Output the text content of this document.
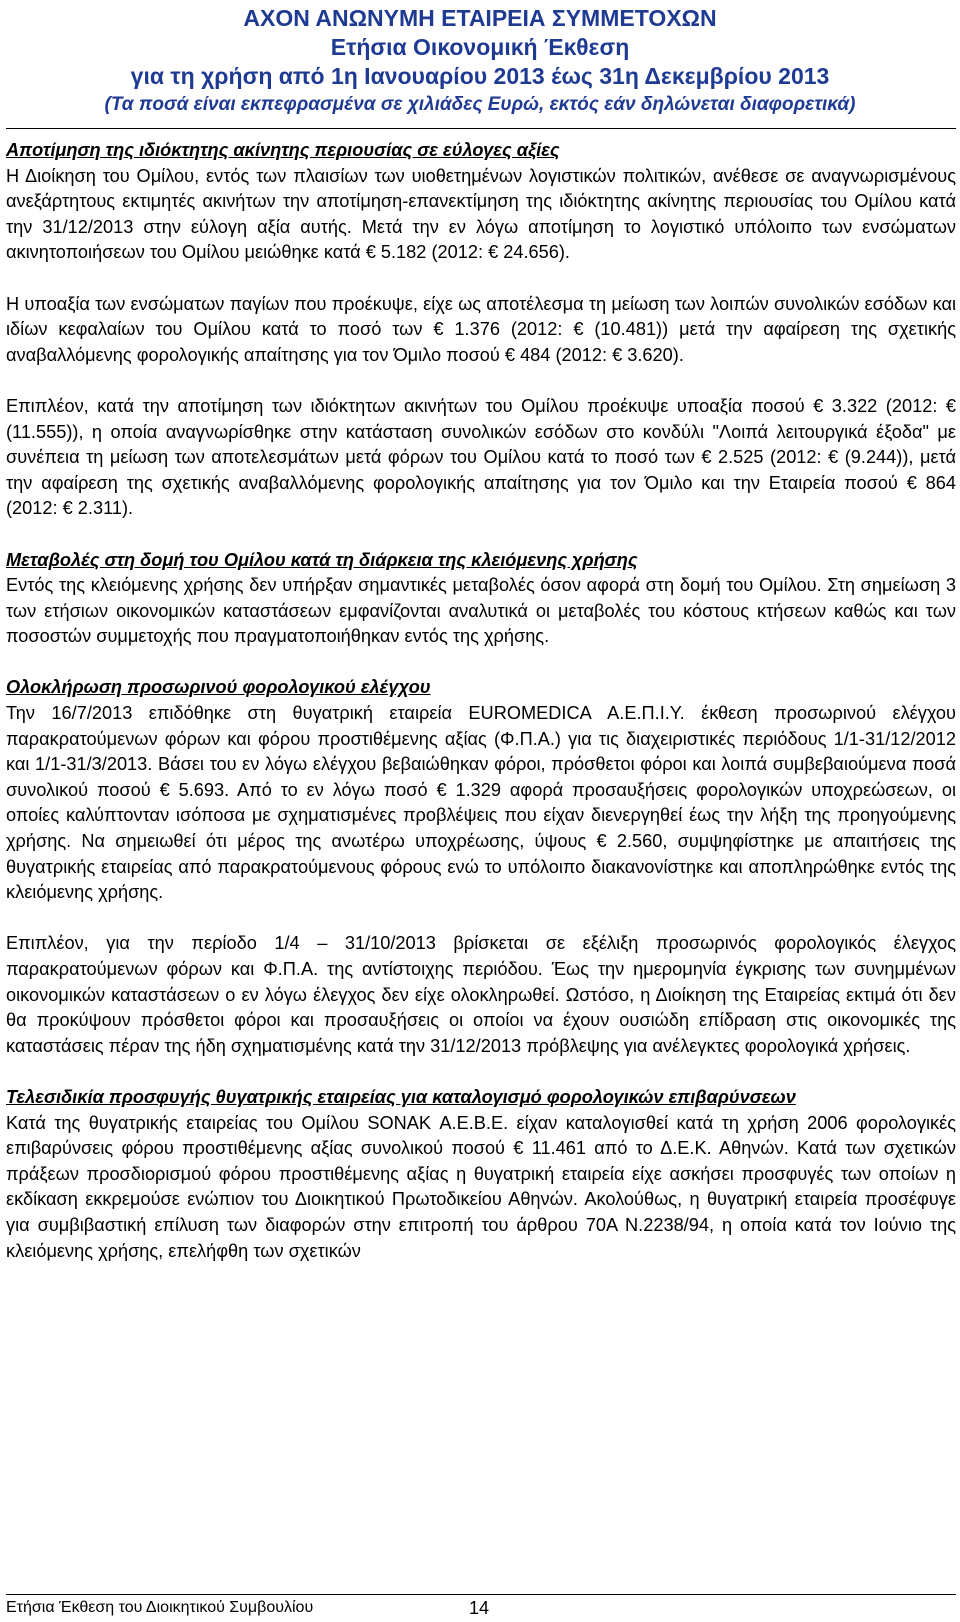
ΑΧΟΝ ΑΝΩΝΥΜΗ ΕΤΑΙΡΕΙΑ ΣΥΜΜΕΤΟΧΩΝ
Ετήσια Οικονομική Έκθεση
για τη χρήση από 1η Ιανουαρίου 2013 έως 31η Δεκεμβρίου 2013
(Τα ποσά είναι εκπεφρασμένα σε χιλιάδες Ευρώ, εκτός εάν δηλώνεται διαφορετικά)
Αποτίμηση της ιδιόκτητης ακίνητης περιουσίας σε εύλογες αξίες

Η Διοίκηση του Ομίλου, εντός των πλαισίων των υιοθετημένων λογιστικών πολιτικών, ανέθεσε σε αναγνωρισμένους ανεξάρτητους εκτιμητές ακινήτων την αποτίμηση-επανεκτίμηση της ιδιόκτητης ακίνητης περιουσίας του Ομίλου κατά την 31/12/2013 στην εύλογη αξία αυτής. Μετά την εν λόγω αποτίμηση το λογιστικό υπόλοιπο των ενσώματων ακινητοποιήσεων του Ομίλου μειώθηκε κατά € 5.182 (2012: € 24.656).

Η υποαξία των ενσώματων παγίων που προέκυψε, είχε ως αποτέλεσμα τη μείωση των λοιπών συνολικών εσόδων και ιδίων κεφαλαίων του Ομίλου κατά το ποσό των € 1.376 (2012: € (10.481)) μετά την αφαίρεση της σχετικής αναβαλλόμενης φορολογικής απαίτησης για τον Όμιλο ποσού € 484 (2012: € 3.620).

Επιπλέον, κατά την αποτίμηση των ιδιόκτητων ακινήτων του Ομίλου προέκυψε υποαξία ποσού € 3.322 (2012: € (11.555)), η οποία αναγνωρίσθηκε στην κατάσταση συνολικών εσόδων στο κονδύλι "Λοιπά λειτουργικά έξοδα" με συνέπεια τη μείωση των αποτελεσμάτων μετά φόρων του Ομίλου κατά το ποσό των € 2.525 (2012: € (9.244)), μετά την αφαίρεση της σχετικής αναβαλλόμενης φορολογικής απαίτησης για τον Όμιλο και την Εταιρεία ποσού € 864 (2012: € 2.311).

Μεταβολές στη δομή του Ομίλου κατά τη διάρκεια της κλειόμενης χρήσης

Εντός της κλειόμενης χρήσης δεν υπήρξαν σημαντικές μεταβολές όσον αφορά στη δομή του Ομίλου. Στη σημείωση 3 των ετήσιων οικονομικών καταστάσεων εμφανίζονται αναλυτικά οι μεταβολές του κόστους κτήσεων καθώς και των ποσοστών συμμετοχής που πραγματοποιήθηκαν εντός της χρήσης.

Ολοκλήρωση προσωρινού φορολογικού ελέγχου

Την 16/7/2013 επιδόθηκε στη θυγατρική εταιρεία EUROMEDICA Α.Ε.Π.Ι.Υ. έκθεση προσωρινού ελέγχου παρακρατούμενων φόρων και φόρου προστιθέμενης αξίας (Φ.Π.Α.) για τις διαχειριστικές περιόδους 1/1-31/12/2012 και 1/1-31/3/2013. Βάσει του εν λόγω ελέγχου βεβαιώθηκαν φόροι, πρόσθετοι φόροι και λοιπά συμβεβαιούμενα ποσά συνολικού ποσού € 5.693. Από το εν λόγω ποσό € 1.329 αφορά προσαυξήσεις φορολογικών υποχρεώσεων, οι οποίες καλύπτονταν ισόποσα με σχηματισμένες προβλέψεις που είχαν διενεργηθεί έως την λήξη της προηγούμενης χρήσης. Να σημειωθεί ότι μέρος της ανωτέρω υποχρέωσης, ύψους € 2.560, συμψηφίστηκε με απαιτήσεις της θυγατρικής εταιρείας από παρακρατούμενους φόρους ενώ το υπόλοιπο διακανονίστηκε και αποπληρώθηκε εντός της κλειόμενης χρήσης.

Επιπλέον, για την περίοδο 1/4 – 31/10/2013 βρίσκεται σε εξέλιξη προσωρινός φορολογικός έλεγχος παρακρατούμενων φόρων και Φ.Π.Α. της αντίστοιχης περιόδου. Έως την ημερομηνία έγκρισης των συνημμένων οικονομικών καταστάσεων ο εν λόγω έλεγχος δεν είχε ολοκληρωθεί. Ωστόσο, η Διοίκηση της Εταιρείας εκτιμά ότι δεν θα προκύψουν πρόσθετοι φόροι και προσαυξήσεις οι οποίοι να έχουν ουσιώδη επίδραση στις οικονομικές της καταστάσεις πέραν της ήδη σχηματισμένης κατά την 31/12/2013 πρόβλεψης για ανέλεγκτες φορολογικά χρήσεις.

Τελεσιδικία προσφυγής θυγατρικής εταιρείας για καταλογισμό φορολογικών επιβαρύνσεων

Κατά της θυγατρικής εταιρείας του Ομίλου SONAK Α.Ε.Β.Ε. είχαν καταλογισθεί κατά τη χρήση 2006 φορολογικές επιβαρύνσεις φόρου προστιθέμενης αξίας συνολικού ποσού € 11.461 από το Δ.Ε.Κ. Αθηνών. Κατά των σχετικών πράξεων προσδιορισμού φόρου προστιθέμενης αξίας η θυγατρική εταιρεία είχε ασκήσει προσφυγές των οποίων η εκδίκαση εκκρεμούσε ενώπιον του Διοικητικού Πρωτοδικείου Αθηνών. Ακολούθως, η θυγατρική εταιρεία προσέφυγε για συμβιβαστική επίλυση των διαφορών στην επιτροπή του άρθρου 70Α Ν.2238/94, η οποία κατά τον Ιούνιο της κλειόμενης χρήσης, επελήφθη των σχετικών

Ετήσια Έκθεση του Διοικητικού Συμβουλίου	14
